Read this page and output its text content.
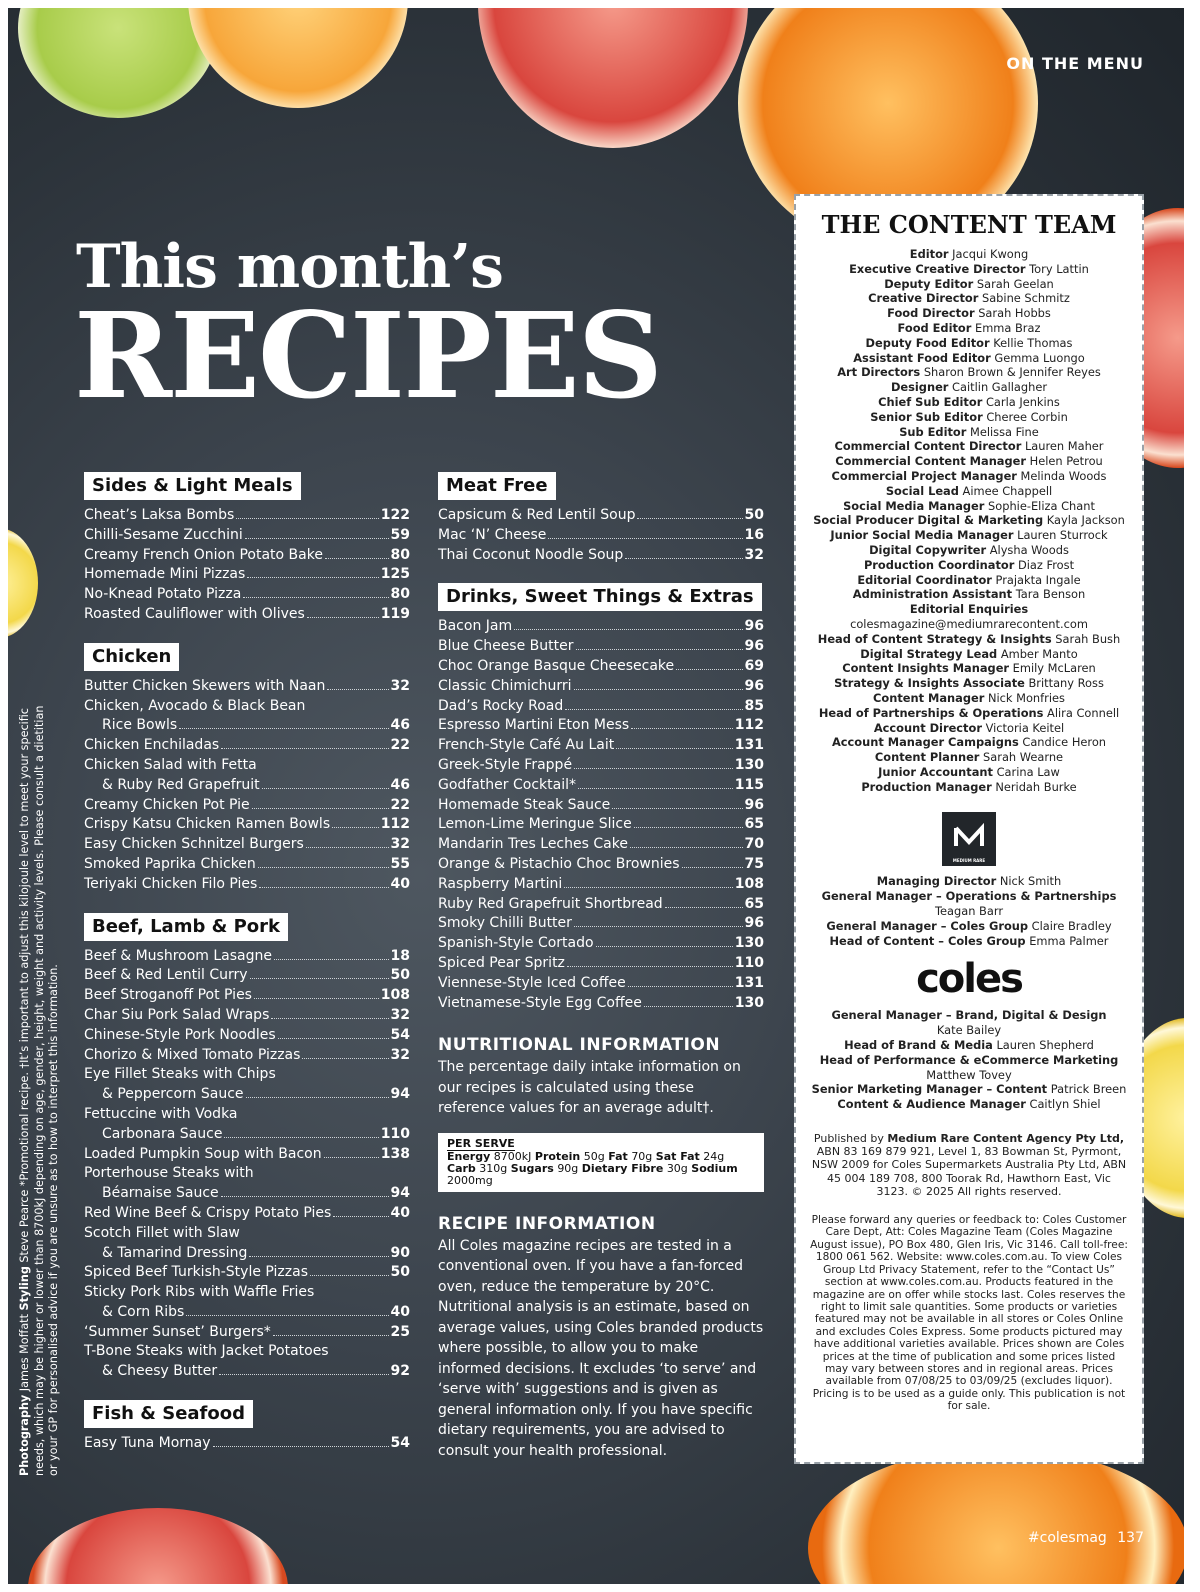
ON THE MENU
This month’s
RECIPES
Sides & Light Meals
Cheat’s Laksa Bombs	122
Chilli-Sesame Zucchini	59
Creamy French Onion Potato Bake	80
Homemade Mini Pizzas	125
No-Knead Potato Pizza	80
Roasted Cauliflower with Olives	119
Chicken
Butter Chicken Skewers with Naan	32
Chicken, Avocado & Black Bean
Rice Bowls	46
Chicken Enchiladas	22
Chicken Salad with Fetta
& Ruby Red Grapefruit	46
Creamy Chicken Pot Pie	22
Crispy Katsu Chicken Ramen Bowls	112
Easy Chicken Schnitzel Burgers	32
Smoked Paprika Chicken	55
Teriyaki Chicken Filo Pies	40
Beef, Lamb & Pork
Beef & Mushroom Lasagne	18
Beef & Red Lentil Curry	50
Beef Stroganoff Pot Pies	108
Char Siu Pork Salad Wraps	32
Chinese-Style Pork Noodles	54
Chorizo & Mixed Tomato Pizzas	32
Eye Fillet Steaks with Chips
& Peppercorn Sauce	94
Fettuccine with Vodka
Carbonara Sauce	110
Loaded Pumpkin Soup with Bacon	138
Porterhouse Steaks with
Béarnaise Sauce	94
Red Wine Beef & Crispy Potato Pies	40
Scotch Fillet with Slaw
& Tamarind Dressing	90
Spiced Beef Turkish-Style Pizzas	50
Sticky Pork Ribs with Waffle Fries
& Corn Ribs	40
‘Summer Sunset’ Burgers*	25
T-Bone Steaks with Jacket Potatoes
& Cheesy Butter	92
Fish & Seafood
Easy Tuna Mornay	54
Meat Free
Capsicum & Red Lentil Soup	50
Mac ‘N’ Cheese	16
Thai Coconut Noodle Soup	32
Drinks, Sweet Things & Extras
Bacon Jam	96
Blue Cheese Butter	96
Choc Orange Basque Cheesecake	69
Classic Chimichurri	96
Dad’s Rocky Road	85
Espresso Martini Eton Mess	112
French-Style Café Au Lait	131
Greek-Style Frappé	130
Godfather Cocktail*	115
Homemade Steak Sauce	96
Lemon-Lime Meringue Slice	65
Mandarin Tres Leches Cake	70
Orange & Pistachio Choc Brownies	75
Raspberry Martini	108
Ruby Red Grapefruit Shortbread	65
Smoky Chilli Butter	96
Spanish-Style Cortado	130
Spiced Pear Spritz	110
Viennese-Style Iced Coffee	131
Vietnamese-Style Egg Coffee	130
NUTRITIONAL INFORMATION
The percentage daily intake information on our recipes is calculated using these reference values for an average adult†.
PER SERVE
Energy 8700kJ Protein 50g Fat 70g Sat Fat 24g Carb 310g Sugars 90g Dietary Fibre 30g Sodium 2000mg
RECIPE INFORMATION
All Coles magazine recipes are tested in a conventional oven. If you have a fan-forced oven, reduce the temperature by 20°C. Nutritional analysis is an estimate, based on average values, using Coles branded products where possible, to allow you to make informed decisions. It excludes ‘to serve’ and ‘serve with’ suggestions and is given as general information only. If you have specific dietary requirements, you are advised to consult your health professional.
THE CONTENT TEAM
Editor Jacqui Kwong
Executive Creative Director Tory Lattin
Deputy Editor Sarah Geelan
Creative Director Sabine Schmitz
Food Director Sarah Hobbs
Food Editor Emma Braz
Deputy Food Editor Kellie Thomas
Assistant Food Editor Gemma Luongo
Art Directors Sharon Brown & Jennifer Reyes
Designer Caitlin Gallagher
Chief Sub Editor Carla Jenkins
Senior Sub Editor Cheree Corbin
Sub Editor Melissa Fine
Commercial Content Director Lauren Maher
Commercial Content Manager Helen Petrou
Commercial Project Manager Melinda Woods
Social Lead Aimee Chappell
Social Media Manager Sophie-Eliza Chant
Social Producer Digital & Marketing Kayla Jackson
Junior Social Media Manager Lauren Sturrock
Digital Copywriter Alysha Woods
Production Coordinator Diaz Frost
Editorial Coordinator Prajakta Ingale
Administration Assistant Tara Benson
Editorial Enquiries
colesmagazine@mediumrarecontent.com
Head of Content Strategy & Insights Sarah Bush
Digital Strategy Lead Amber Manto
Content Insights Manager Emily McLaren
Strategy & Insights Associate Brittany Ross
Content Manager Nick Monfries
Head of Partnerships & Operations Alira Connell
Account Director Victoria Keitel
Account Manager Campaigns Candice Heron
Content Planner Sarah Wearne
Junior Accountant Carina Law
Production Manager Neridah Burke
MEDIUM RARE
Managing Director Nick Smith
General Manager – Operations & Partnerships
Teagan Barr
General Manager – Coles Group Claire Bradley
Head of Content – Coles Group Emma Palmer
coles
General Manager – Brand, Digital & Design
Kate Bailey
Head of Brand & Media Lauren Shepherd
Head of Performance & eCommerce Marketing
Matthew Tovey
Senior Marketing Manager – Content Patrick Breen
Content & Audience Manager Caitlyn Shiel
Published by Medium Rare Content Agency Pty Ltd, ABN 83 169 879 921, Level 1, 83 Bowman St, Pyrmont, NSW 2009 for Coles Supermarkets Australia Pty Ltd, ABN 45 004 189 708, 800 Toorak Rd, Hawthorn East, Vic 3123. © 2025 All rights reserved.
Please forward any queries or feedback to: Coles Customer Care Dept, Att: Coles Magazine Team (Coles Magazine August issue), PO Box 480, Glen Iris, Vic 3146. Call toll-free: 1800 061 562. Website: www.coles.com.au. To view Coles Group Ltd Privacy Statement, refer to the “Contact Us” section at www.coles.com.au. Products featured in the magazine are on offer while stocks last. Coles reserves the right to limit sale quantities. Some products or varieties featured may not be available in all stores or Coles Online and excludes Coles Express. Some products pictured may have additional varieties available. Prices shown are Coles prices at the time of publication and some prices listed may vary between stores and in regional areas. Prices available from 07/08/25 to 03/09/25 (excludes liquor). Pricing is to be used as a guide only. This publication is not for sale.
Photography James Moffatt Styling Steve Pearce *Promotional recipe. †It’s important to adjust this kilojoule level to meet your specific needs, which may be higher or lower than 8700kJ depending on age, gender, height, weight and activity levels. Please consult a dietitian or your GP for personalised advice if you are unsure as to how to interpret this information.
#colesmag 137
